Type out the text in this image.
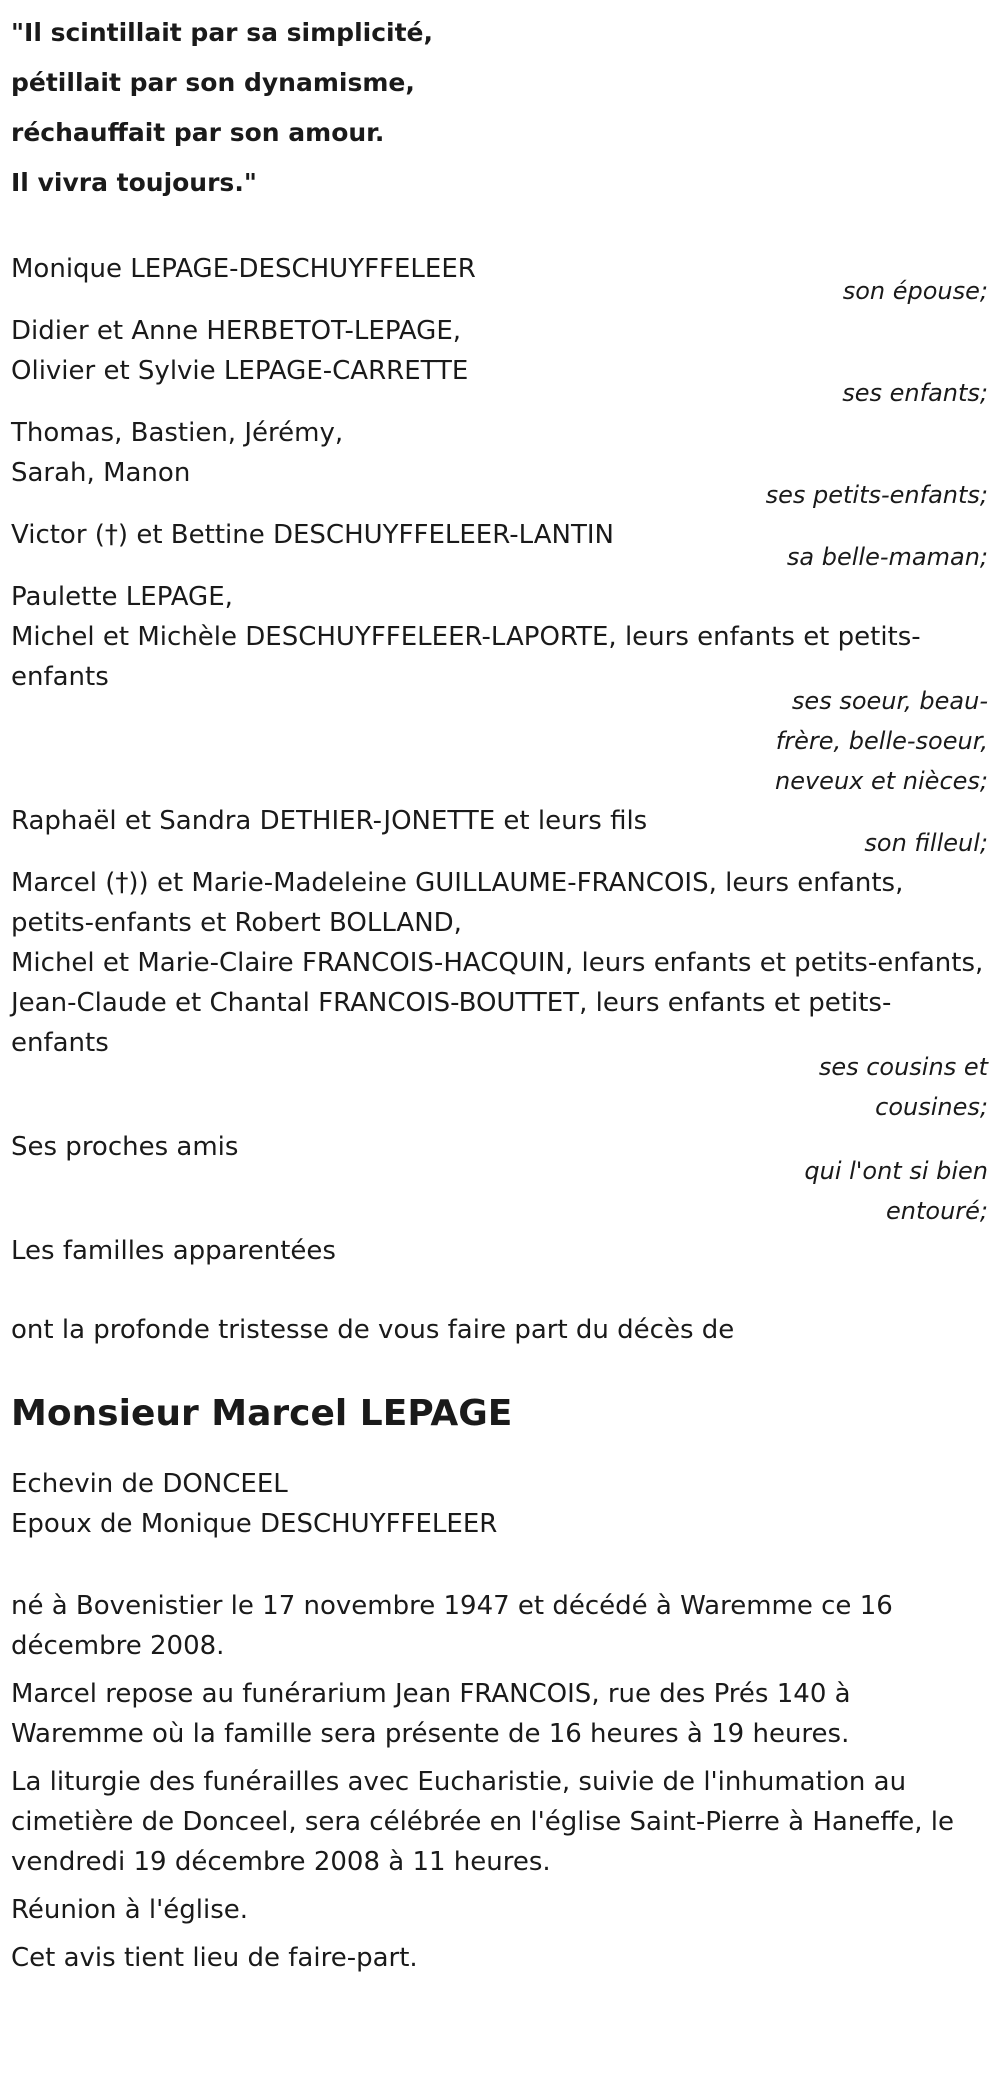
"Il scintillait par sa simplicité,

pétillait par son dynamisme,

réchauffait par son amour.

Il vivra toujours."

Monique LEPAGE-DESCHUYFFELEER
son épouse;
Didier et Anne HERBETOT-LEPAGE,
Olivier et Sylvie LEPAGE-CARRETTE
ses enfants;
Thomas, Bastien, Jérémy,
Sarah, Manon
ses petits-enfants;
Victor (†) et Bettine DESCHUYFFELEER-LANTIN
sa belle-maman;
Paulette LEPAGE,
Michel et Michèle DESCHUYFFELEER-LAPORTE, leurs enfants et petits-enfants
ses soeur, beau-frère, belle-soeur, neveux et nièces;
Raphaël et Sandra DETHIER-JONETTE et leurs fils
son filleul;
Marcel (†)) et Marie-Madeleine GUILLAUME-FRANCOIS, leurs enfants, petits-enfants et Robert BOLLAND,
Michel et Marie-Claire FRANCOIS-HACQUIN, leurs enfants et petits-enfants,
Jean-Claude et Chantal FRANCOIS-BOUTTET, leurs enfants et petits-enfants
ses cousins et cousines;
Ses proches amis
qui l'ont si bien entouré;
Les familles apparentées
ont la profonde tristesse de vous faire part du décès de
Monsieur Marcel LEPAGE
Echevin de DONCEEL
Epoux de Monique DESCHUYFFELEER

né à Bovenistier le 17 novembre 1947 et décédé à Waremme ce 16 décembre 2008.

Marcel repose au funérarium Jean FRANCOIS, rue des Prés 140 à Waremme où la famille sera présente de 16 heures à 19 heures.

La liturgie des funérailles avec Eucharistie, suivie de l'inhumation au cimetière de Donceel, sera célébrée en l'église Saint-Pierre à Haneffe, le vendredi 19 décembre 2008 à 11 heures.

Réunion à l'église.

Cet avis tient lieu de faire-part.
